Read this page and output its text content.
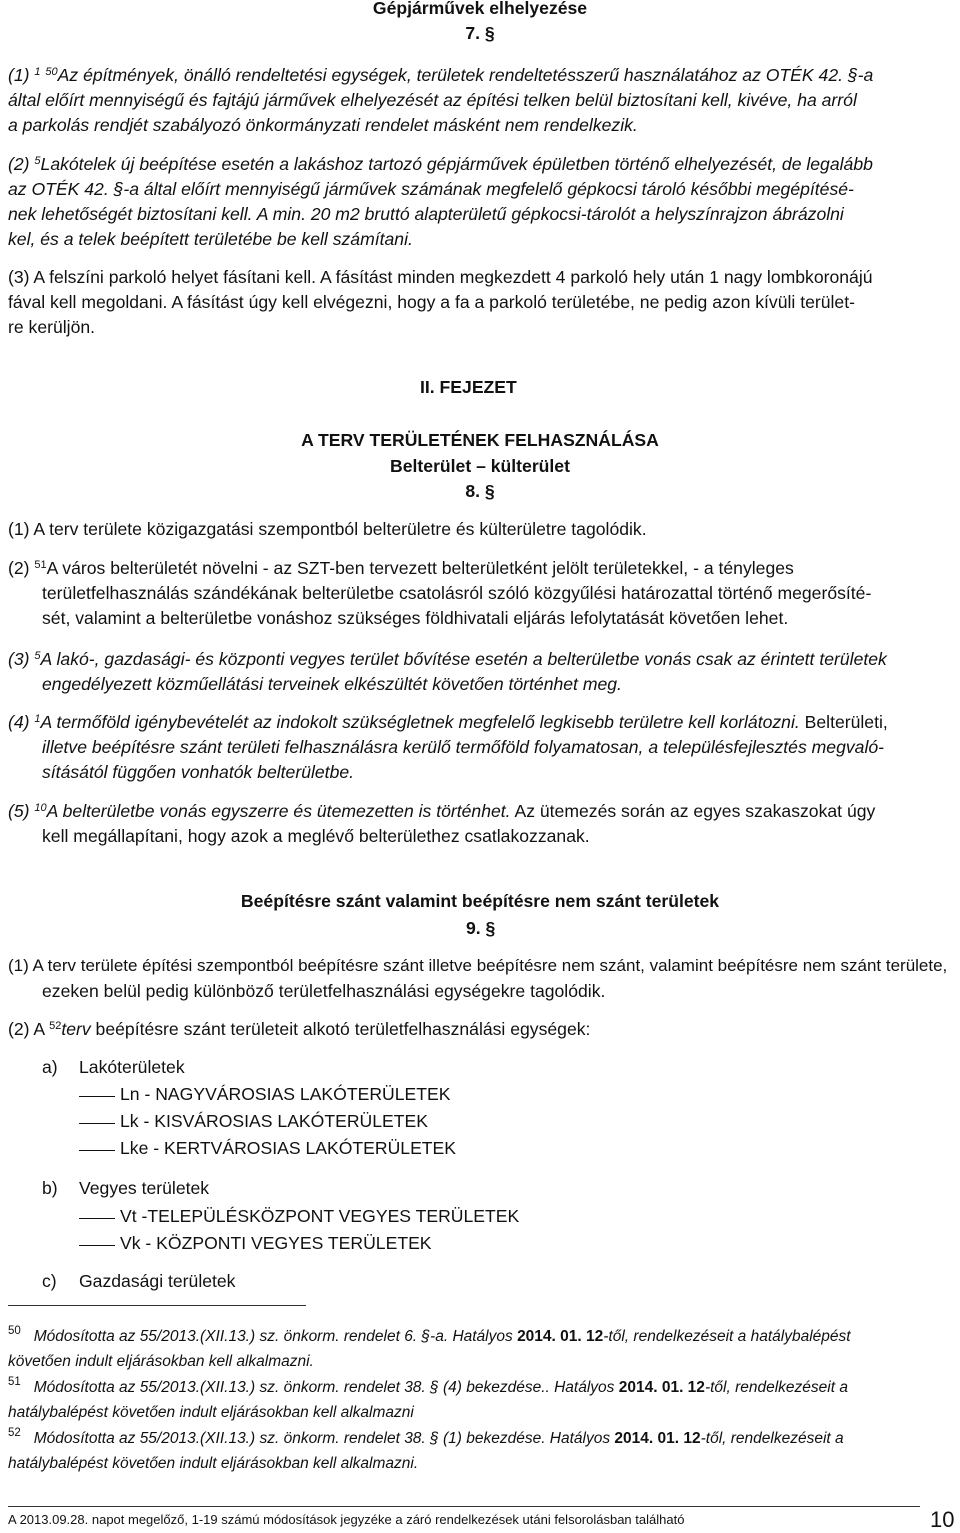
Gépjárművek elhelyezése
7. §
(1) $^1$ $^{50}$Az építmények, önálló rendeltetési egységek, területek rendeltetésszerű használatához az OTÉK 42. §-a
által előírt mennyiségű és fajtájú járművek elhelyezését az építési telken belül biztosítani kell, kivéve, ha arról
a parkolás rendjét szabályozó önkormányzati rendelet másként nem rendelkezik.
(2) $^5$Lakótelek új beépítése esetén a lakáshoz tartozó gépjárművek épületben történő elhelyezését, de legalább
az OTÉK 42. §-a által előírt mennyiségű járművek számának megfelelő gépkocsi tároló későbbi megépítésé-
nek lehetőségét biztosítani kell. A min. 20 m2 bruttó alapterületű gépkocsi-tárolót a helyszínrajzon ábrázolni
kel, és a telek beépített területébe be kell számítani.
(3) A felszíni parkoló helyet fásítani kell. A fásítást minden megkezdett 4 parkoló hely után 1 nagy lombkoronájú
fával kell megoldani. A fásítást úgy kell elvégezni, hogy a fa a parkoló területébe, ne pedig azon kívüli terület-
re kerüljön.
II. FEJEZET
A TERV TERÜLETÉNEK FELHASZNÁLÁSA
Belterület – külterület
8. §
(1) A terv területe közigazgatási szempontból belterületre és külterületre tagolódik.
(2) $^{51}$A város belterületét növelni - az SZT-ben tervezett belterületként jelölt területekkel, - a tényleges
területfelhasználás szándékának belterületbe csatolásról szóló közgyűlési határozattal történő megerősíté-
sét, valamint a belterületbe vonáshoz szükséges földhivatali eljárás lefolytatását követően lehet.
(3) $^5$A lakó-, gazdasági- és központi vegyes terület bővítése esetén a belterületbe vonás csak az érintett területek
engedélyezett közműellátási terveinek elkészültét követően történhet meg.
(4) $^1$A termőföld igénybevételét az indokolt szükségletnek megfelelő legkisebb területre kell korlátozni. Belterületi,
illetve beépítésre szánt területi felhasználásra kerülő termőföld folyamatosan, a településfejlesztés megvaló-
sításától függően vonhatók belterületbe.
(5) $^{10}$A belterületbe vonás egyszerre és ütemezetten is történhet. Az ütemezés során az egyes szakaszokat úgy
kell megállapítani, hogy azok a meglévő belterülethez csatlakozzanak.
Beépítésre szánt valamint beépítésre nem szánt területek
9. §
(1) A terv területe építési szempontból beépítésre szánt illetve beépítésre nem szánt, valamint beépítésre nem szánt területe,
ezeken belül pedig különböző területfelhasználási egységekre tagolódik.
(2) A $^{52}$terv beépítésre szánt területeit alkotó területfelhasználási egységek:
a) Lakóterületek
Ln - NAGYVÁROSIAS LAKÓTERÜLETEK
Lk - KISVÁROSIAS LAKÓTERÜLETEK
Lke - KERTVÁROSIAS LAKÓTERÜLETEK
b) Vegyes területek
Vt -TELEPÜLÉSKÖZPONT VEGYES TERÜLETEK
Vk - KÖZPONTI VEGYES TERÜLETEK
c) Gazdasági területek
$^{50}$ Módosította az 55/2013.(XII.13.) sz. önkorm. rendelet 6. §-a. Hatályos 2014. 01. 12-től, rendelkezéseit a hatálybalépést
követően indult eljárásokban kell alkalmazni.
$^{51}$ Módosította az 55/2013.(XII.13.) sz. önkorm. rendelet 38. § (4) bekezdése.. Hatályos 2014. 01. 12-től, rendelkezéseit a
hatálybalépést követően indult eljárásokban kell alkalmazni
$^{52}$ Módosította az 55/2013.(XII.13.) sz. önkorm. rendelet 38. § (1) bekezdése. Hatályos 2014. 01. 12-től, rendelkezéseit a
hatálybalépést követően indult eljárásokban kell alkalmazni.
A 2013.09.28. napot megelőző, 1-19 számú módosítások jegyzéke a záró rendelkezések utáni felsorolásban található	10
